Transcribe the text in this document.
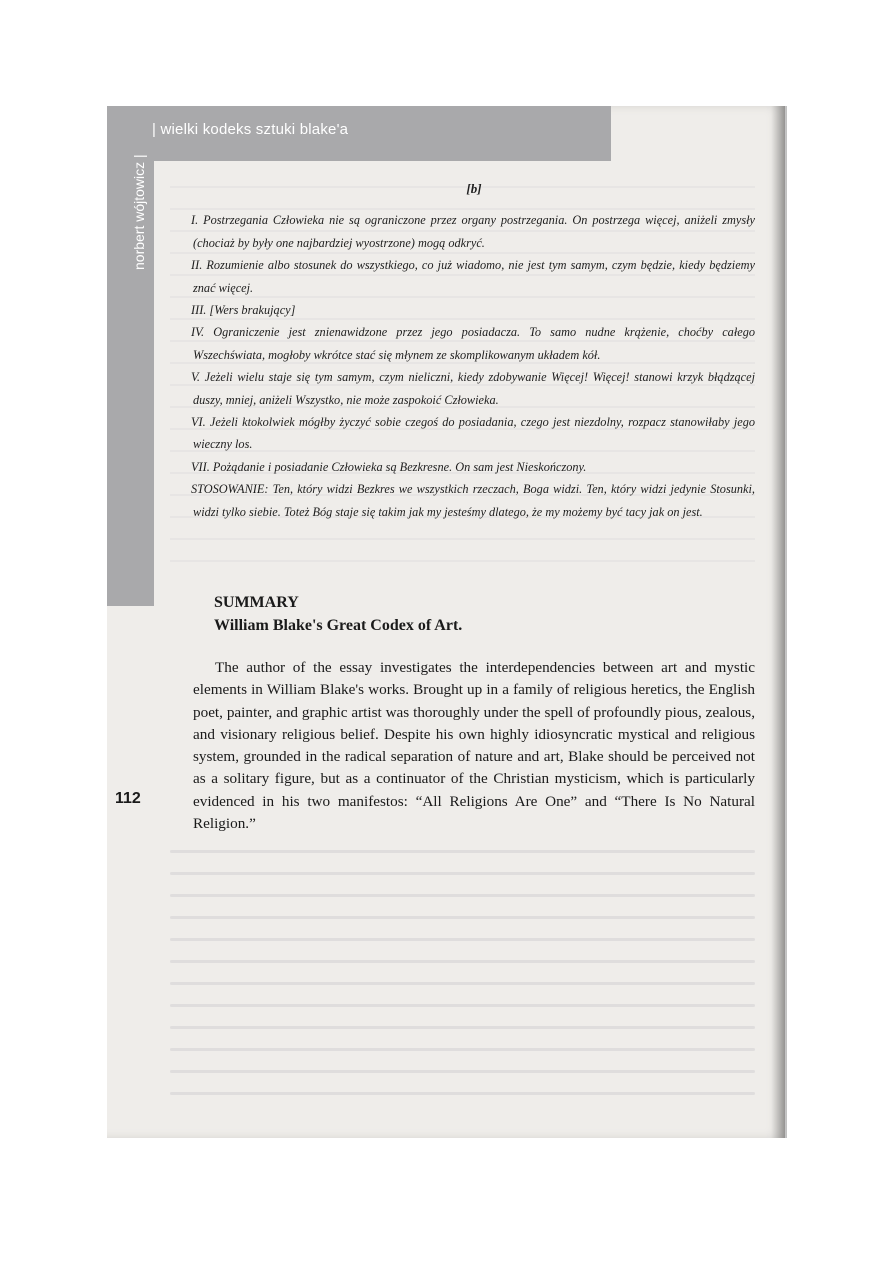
| wielki kodeks sztuki blake'a
norbert wójtowicz |	[b]

I. Postrzegania Człowieka nie są ograniczone przez organy postrzegania. On postrzega więcej, aniżeli zmysły (chociaż by były one najbardziej wyostrzone) mogą odkryć.

II. Rozumienie albo stosunek do wszystkiego, co już wiadomo, nie jest tym samym, czym będzie, kiedy będziemy znać więcej.

III. [Wers brakujący]

IV. Ograniczenie jest znienawidzone przez jego posiadacza. To samo nudne krążenie, choćby całego Wszechświata, mogłoby wkrótce stać się młynem ze skomplikowanym układem kół.

V. Jeżeli wielu staje się tym samym, czym nieliczni, kiedy zdobywanie Więcej! Więcej! stanowi krzyk błądzącej duszy, mniej, aniżeli Wszystko, nie może zaspokoić Człowieka.

VI. Jeżeli ktokolwiek mógłby życzyć sobie czegoś do posiadania, czego jest niezdolny, rozpacz stanowiłaby jego wieczny los.

VII. Pożądanie i posiadanie Człowieka są Bezkresne. On sam jest Nieskończony.

STOSOWANIE: Ten, który widzi Bezkres we wszystkich rzeczach, Boga widzi. Ten, który widzi jedynie Stosunki, widzi tylko siebie. Toteż Bóg staje się takim jak my jesteśmy dlatego, że my możemy być tacy jak on jest.

SUMMARY
William Blake's Great Codex of Art.

The author of the essay investigates the interdependencies between art and mystic elements in William Blake's works. Brought up in a family of religious heretics, the English poet, painter, and graphic artist was thoroughly under the spell of profoundly pious, zealous, and visionary religious belief. Despite his own highly idiosyncratic mystical and religious system, grounded in the radical separation of nature and art, Blake should be perceived not as a solitary figure, but as a continuator of the Christian mysticism, which is particularly evidenced in his two manifestos: “All Religions Are One” and “There Is No Natural Religion.”

112
